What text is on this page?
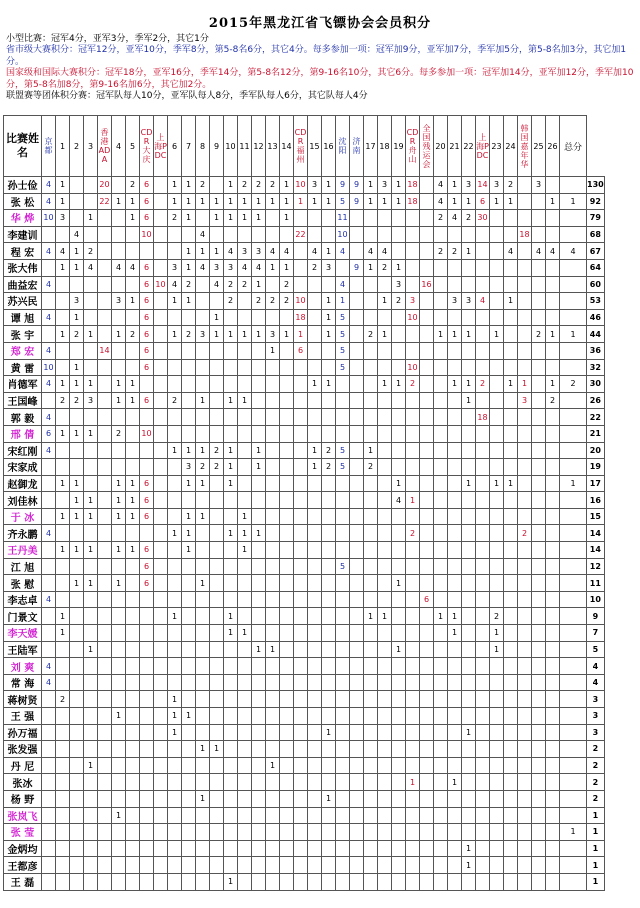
2015年黑龙江省飞镖协会会员积分
小型比赛：冠军4分，亚军3分，季军2分，其它1分
省市级大赛积分：冠军12分，亚军10分，季军8分，第5-8名6分，其它4分。每多参加一项：冠军加9分，亚军加7分，季军加5分，第5-8名加3分，其它加1分。
国家级和国际大赛积分：冠军18分，亚军16分，季军14分，第5-8名12分，第9-16名10分，其它6分。每多参加一项：冠军加14分，亚军加12分，季军加10分，第5-8名加8分，第9-16名加6分，其它加2分。
联盟赛等团体积分赛：冠军队每人10分，亚军队每人8分，季军队每人6分，其它队每人4分
比赛姓名	京都	1	2	3	香港ADA	4	5	CDR大庆	上海PDC	6	7	8	9	10	11	12	13	14	CDR福州	15	16	沈阳	济南	17	18	19	CDR舟山	全国残运会	20	21	22	上海PDC	23	24	韩国嘉年华	25	26	总分	
孙士俭	4	1			20		2	6		1	1	2		1	2	2	2	1	10	3	1	9	9	1	3	1	18		4	1	3	14	3	2		3			130
张 松	4	1			22	1	1	6		1	1	1	1	1	1	1	1	1	1	1	1	5	9	1	1	1	18		4	1	1	6	1	1			1	1	92
华 烨	10	3		1			1	6		2	1		1	1	1	1		1				11							2	4	2	30							79
李建训			4					10				4							22			10													18				68
程 宏	4	4	1	2							1	1	1	4	3	3	4	4		4	1	4		4	4				2	2	1			4		4	4	4	67
张大伟		1	1	4		4	4	6		3	1	4	3	3	4	4	1	1		2	3		9	1	2	1													64
曲益宏	4							6	10	4	2		4	2	2	1		2				4				3		16											60
苏兴民			3			3	1	6		1	1			2		2	2	2	10		1	1			1	2	3			3	3	4		1					53
谭 旭	4		1					6					1						18		1	5					10												46
张 宇		1	2	1		1	2	6		1	2	3	1	1	1	1	3	1	1		1	5		2	1				1	1	1		1			2	1	1	44
郑 宏	4				14			6									1		6			5																	36
黄 雷	10		1					6														5					10												32
肖德军	4	1	1	1		1	1													1	1				1	1	2			1	1	2		1	1		1	2	30
王国峰		2	2	3		1	1	6		2		1		1	1																1				3		2		26
郭 毅	4																															18							22
邢 倩	6	1	1	1		2		10																															21
宋红刚	4									1	1	1	2	1		1				1	2	5		1															20
宋家成											3	2	2	1		1				1	2	5		2															19
赵御龙		1	1			1	1	6			1	1		1												1					1		1	1				1	17
刘佳林			1	1		1	1	6																		4	1												16
于 冰		1	1	1		1	1	6			1	1			1																								15
齐永鹏	4									1	1			1	1	1											2								2				14
王丹美		1	1	1		1	1	6			1				1																								14
江 旭								6														5																	12
张 慰			1	1		1		6				1														1													11
李志卓	4																											6											10
门景文		1								1				1										1	1				1	1			2						9
李天媛		1												1	1															1			1						7
王陆军				1												1	1									1							1						5
刘 爽	4																																						4
常 海	4																																						4
蒋树贤		2								1																													3
王 强						1				1	1																												3
孙万福										1											1										1								3
张发强												1	1																										2
丹 尼				1													1																						2
张冰																											1			1									2
杨 野												1									1																		2
张岚飞						1																																	1
张 莹																																						1	1
金炳均																															1								1
王都彦																															1								1
王 磊														1																									1
